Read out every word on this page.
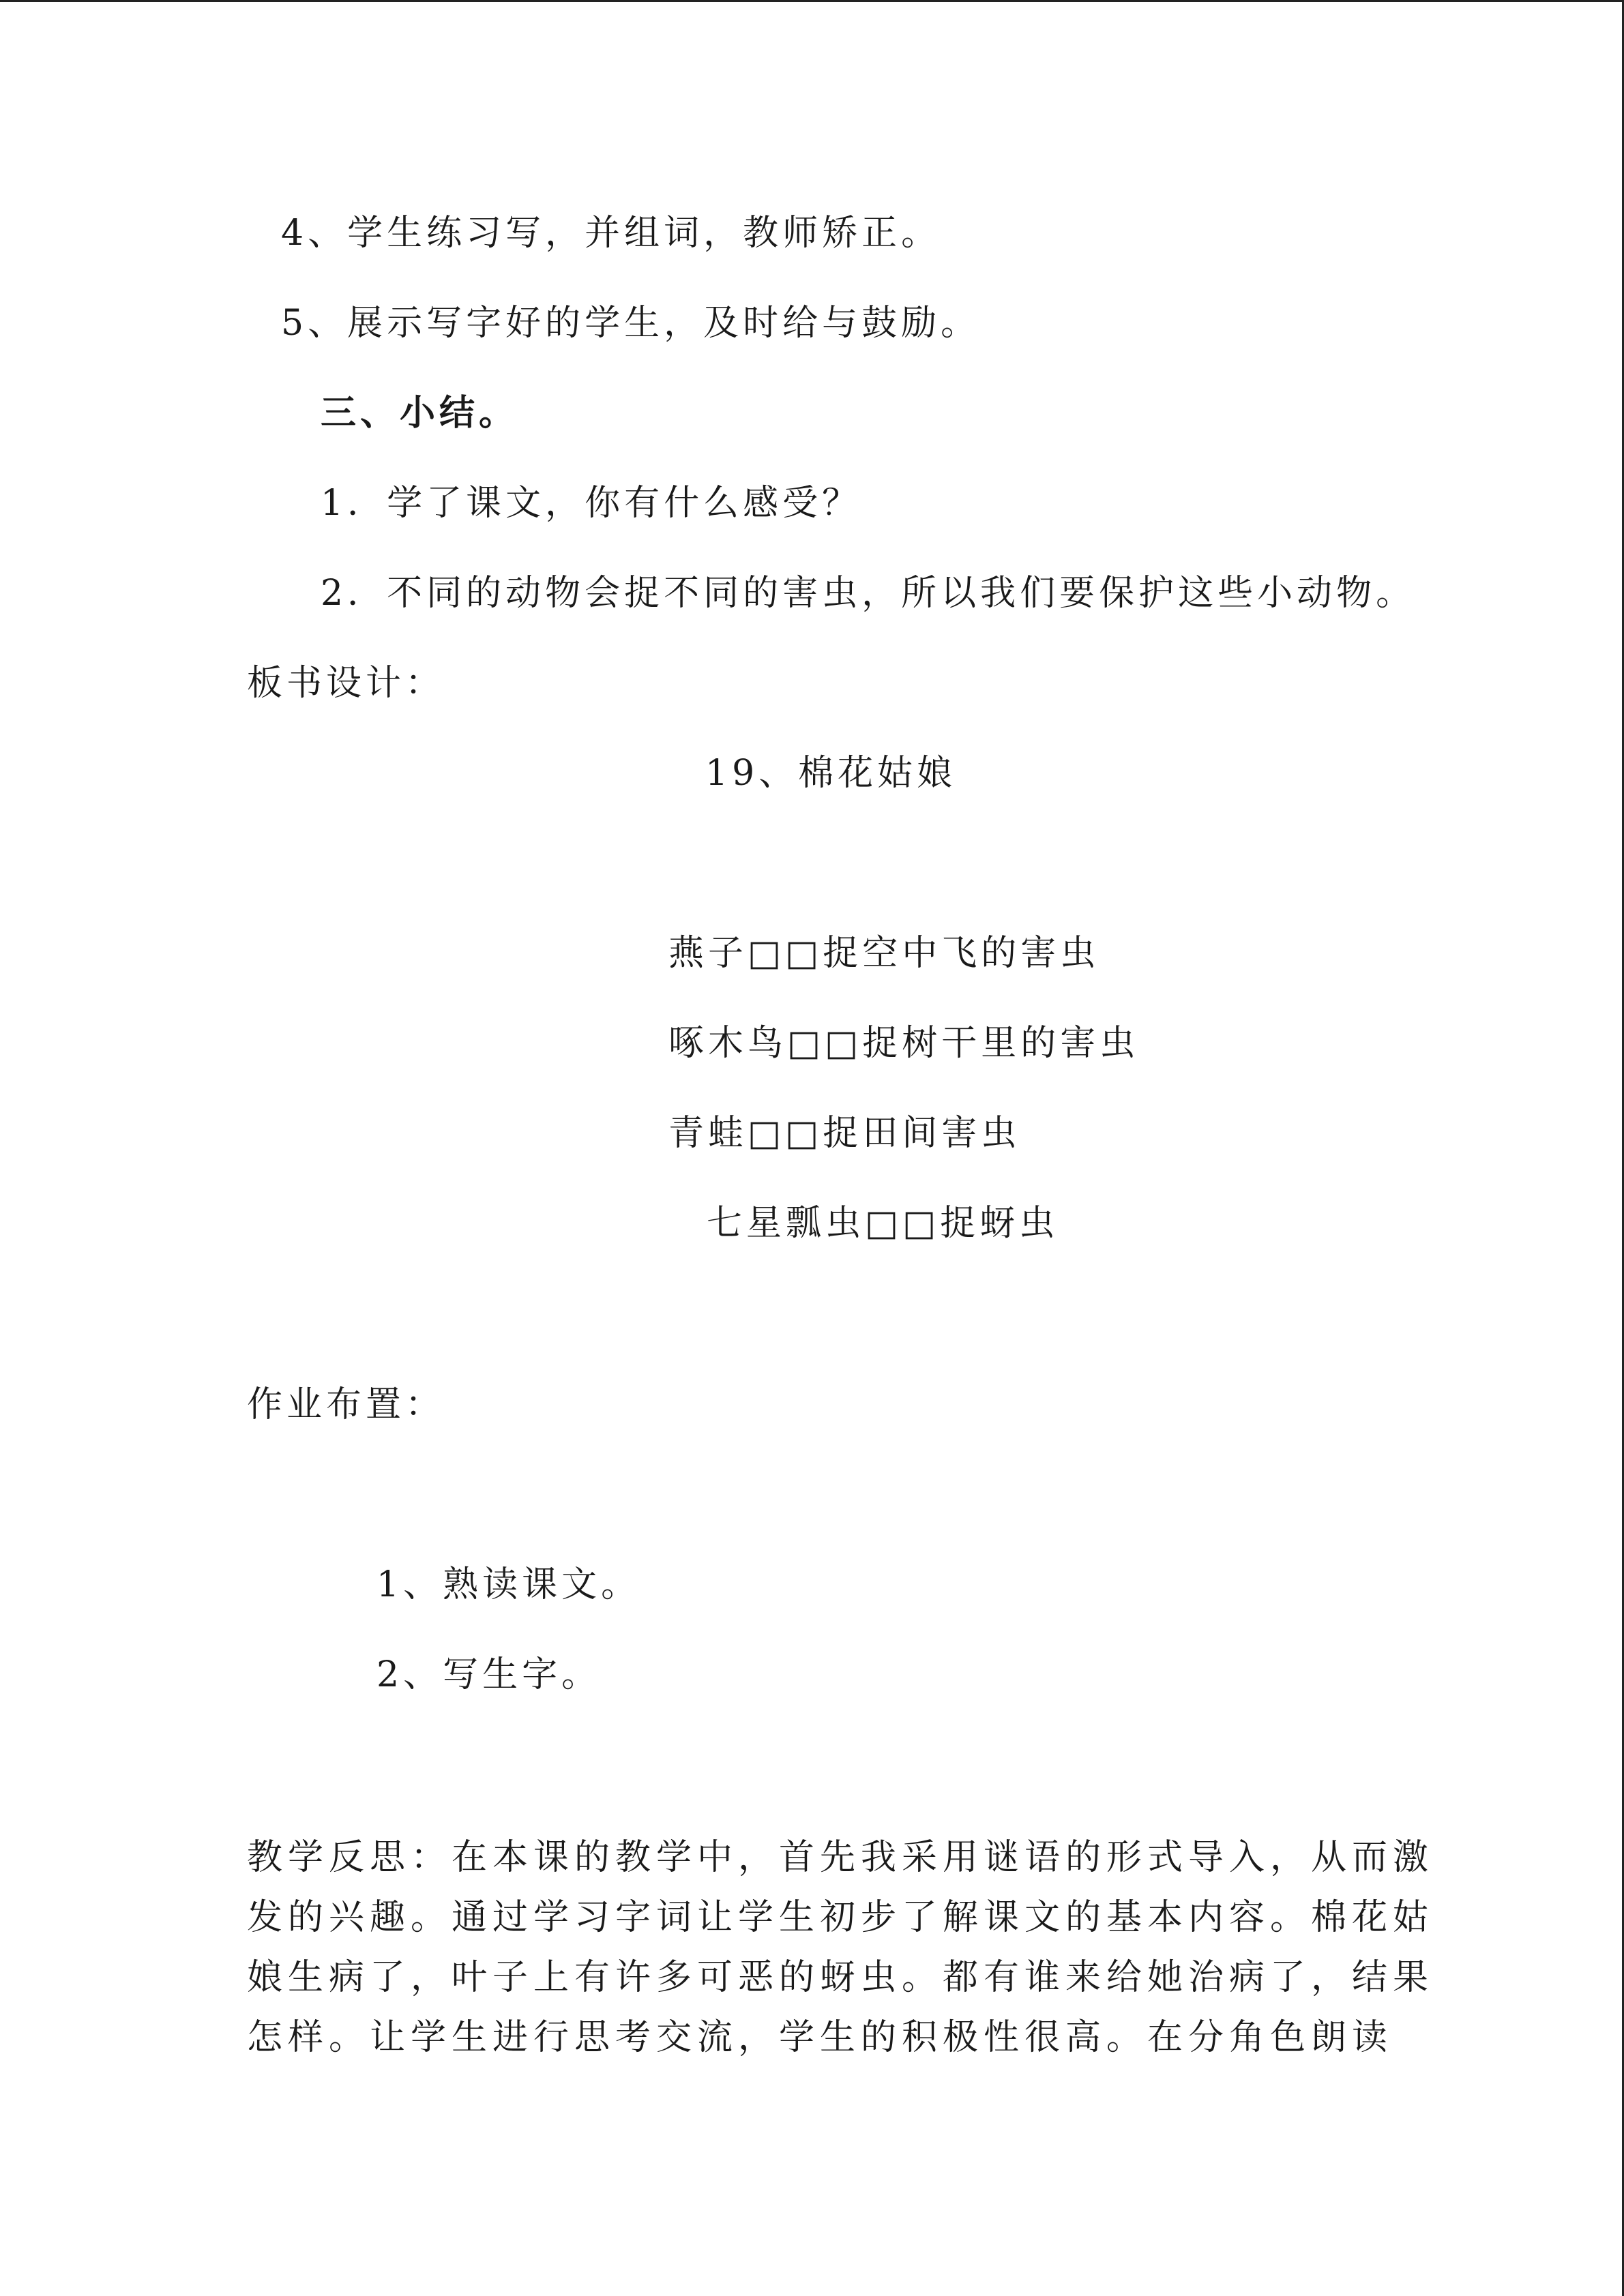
4、学生练习写，并组词，教师矫正。
5、展示写字好的学生，及时给与鼓励。
三、小结。
1．学了课文，你有什么感受？
2．不同的动物会捉不同的害虫，所以我们要保护这些小动物。
板书设计：
19、棉花姑娘
燕子□□捉空中飞的害虫
啄木鸟□□捉树干里的害虫
青蛙□□捉田间害虫
七星瓢虫□□捉蚜虫
作业布置：
1、熟读课文。
2、写生字。
教学反思：在本课的教学中，首先我采用谜语的形式导入，从而激
发的兴趣。通过学习字词让学生初步了解课文的基本内容。棉花姑
娘生病了，叶子上有许多可恶的蚜虫。都有谁来给她治病了，结果
怎样。让学生进行思考交流，学生的积极性很高。在分角色朗读
